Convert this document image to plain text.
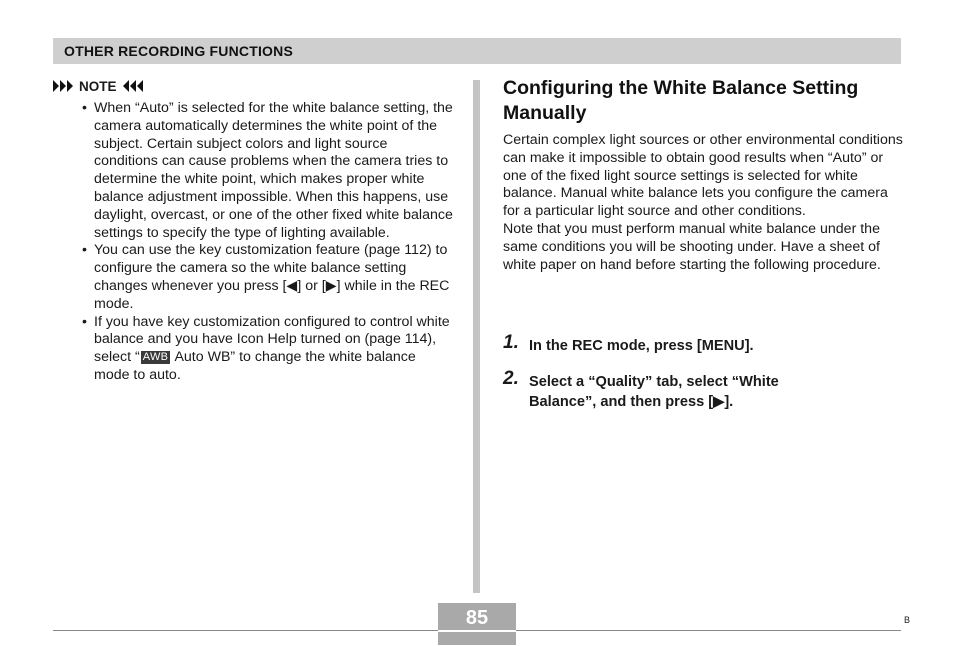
OTHER RECORDING FUNCTIONS
NOTE
• When “Auto” is selected for the white balance setting, the camera automatically determines the white point of the subject. Certain subject colors and light source conditions can cause problems when the camera tries to determine the white point, which makes proper white balance adjustment impossible. When this happens, use daylight, overcast, or one of the other fixed white balance settings to specify the type of lighting available.
• You can use the key customization feature (page 112) to configure the camera so the white balance setting changes whenever you press [◀] or [▶] while in the REC mode.
• If you have key customization configured to control white balance and you have Icon Help turned on (page 114), select “ AWB Auto WB” to change the white balance mode to auto.
Configuring the White Balance Setting Manually

Certain complex light sources or other environmental conditions can make it impossible to obtain good results when “Auto” or one of the fixed light source settings is selected for white balance. Manual white balance lets you configure the camera for a particular light source and other conditions.

Note that you must perform manual white balance under the same conditions you will be shooting under. Have a sheet of white paper on hand before starting the following procedure.

1. In the REC mode, press [MENU].
2. Select a “Quality” tab, select “White Balance”, and then press [▶].
85	B
